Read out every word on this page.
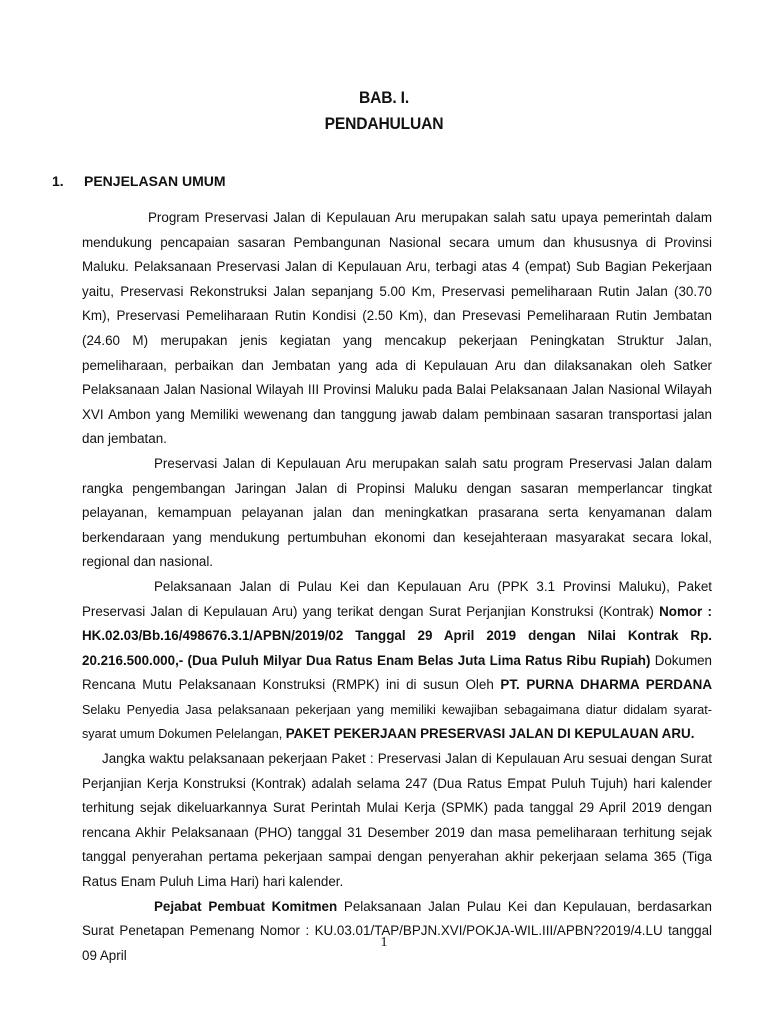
BAB. I.
PENDAHULUAN
1. PENJELASAN UMUM

Program Preservasi Jalan di Kepulauan Aru merupakan salah satu upaya pemerintah dalam mendukung pencapaian sasaran Pembangunan Nasional secara umum dan khususnya di Provinsi Maluku. Pelaksanaan Preservasi Jalan di Kepulauan Aru, terbagi atas 4 (empat) Sub Bagian Pekerjaan yaitu, Preservasi Rekonstruksi Jalan sepanjang 5.00 Km, Preservasi pemeliharaan Rutin Jalan (30.70 Km), Preservasi Pemeliharaan Rutin Kondisi (2.50 Km), dan Presevasi Pemeliharaan Rutin Jembatan (24.60 M) merupakan jenis kegiatan yang mencakup pekerjaan Peningkatan Struktur Jalan, pemeliharaan, perbaikan dan Jembatan yang ada di Kepulauan Aru dan dilaksanakan oleh Satker Pelaksanaan Jalan Nasional Wilayah III Provinsi Maluku pada Balai Pelaksanaan Jalan Nasional Wilayah XVI Ambon yang Memiliki wewenang dan tanggung jawab dalam pembinaan sasaran transportasi jalan dan jembatan.

Preservasi Jalan di Kepulauan Aru merupakan salah satu program Preservasi Jalan dalam rangka pengembangan Jaringan Jalan di Propinsi Maluku dengan sasaran memperlancar tingkat pelayanan, kemampuan pelayanan jalan dan meningkatkan prasarana serta kenyamanan dalam berkendaraan yang mendukung pertumbuhan ekonomi dan kesejahteraan masyarakat secara lokal, regional dan nasional.

Pelaksanaan Jalan di Pulau Kei dan Kepulauan Aru (PPK 3.1 Provinsi Maluku), Paket Preservasi Jalan di Kepulauan Aru) yang terikat dengan Surat Perjanjian Konstruksi (Kontrak) Nomor : HK.02.03/Bb.16/498676.3.1/APBN/2019/02 Tanggal 29 April 2019 dengan Nilai Kontrak Rp. 20.216.500.000,- (Dua Puluh Milyar Dua Ratus Enam Belas Juta Lima Ratus Ribu Rupiah) Dokumen Rencana Mutu Pelaksanaan Konstruksi (RMPK) ini di susun Oleh PT. PURNA DHARMA PERDANA Selaku Penyedia Jasa pelaksanaan pekerjaan yang memiliki kewajiban sebagaimana diatur didalam syarat-syarat umum Dokumen Pelelangan, PAKET PEKERJAAN PRESERVASI JALAN DI KEPULAUAN ARU.

Jangka waktu pelaksanaan pekerjaan Paket : Preservasi Jalan di Kepulauan Aru sesuai dengan Surat Perjanjian Kerja Konstruksi (Kontrak) adalah selama 247 (Dua Ratus Empat Puluh Tujuh) hari kalender terhitung sejak dikeluarkannya Surat Perintah Mulai Kerja (SPMK) pada tanggal 29 April 2019 dengan rencana Akhir Pelaksanaan (PHO) tanggal 31 Desember 2019 dan masa pemeliharaan terhitung sejak tanggal penyerahan pertama pekerjaan sampai dengan penyerahan akhir pekerjaan selama 365 (Tiga Ratus Enam Puluh Lima Hari) hari kalender.

Pejabat Pembuat Komitmen Pelaksanaan Jalan Pulau Kei dan Kepulauan, berdasarkan Surat Penetapan Pemenang Nomor : KU.03.01/TAP/BPJN.XVI/POKJA-WIL.III/APBN?2019/4.LU tanggal 09 April

1
